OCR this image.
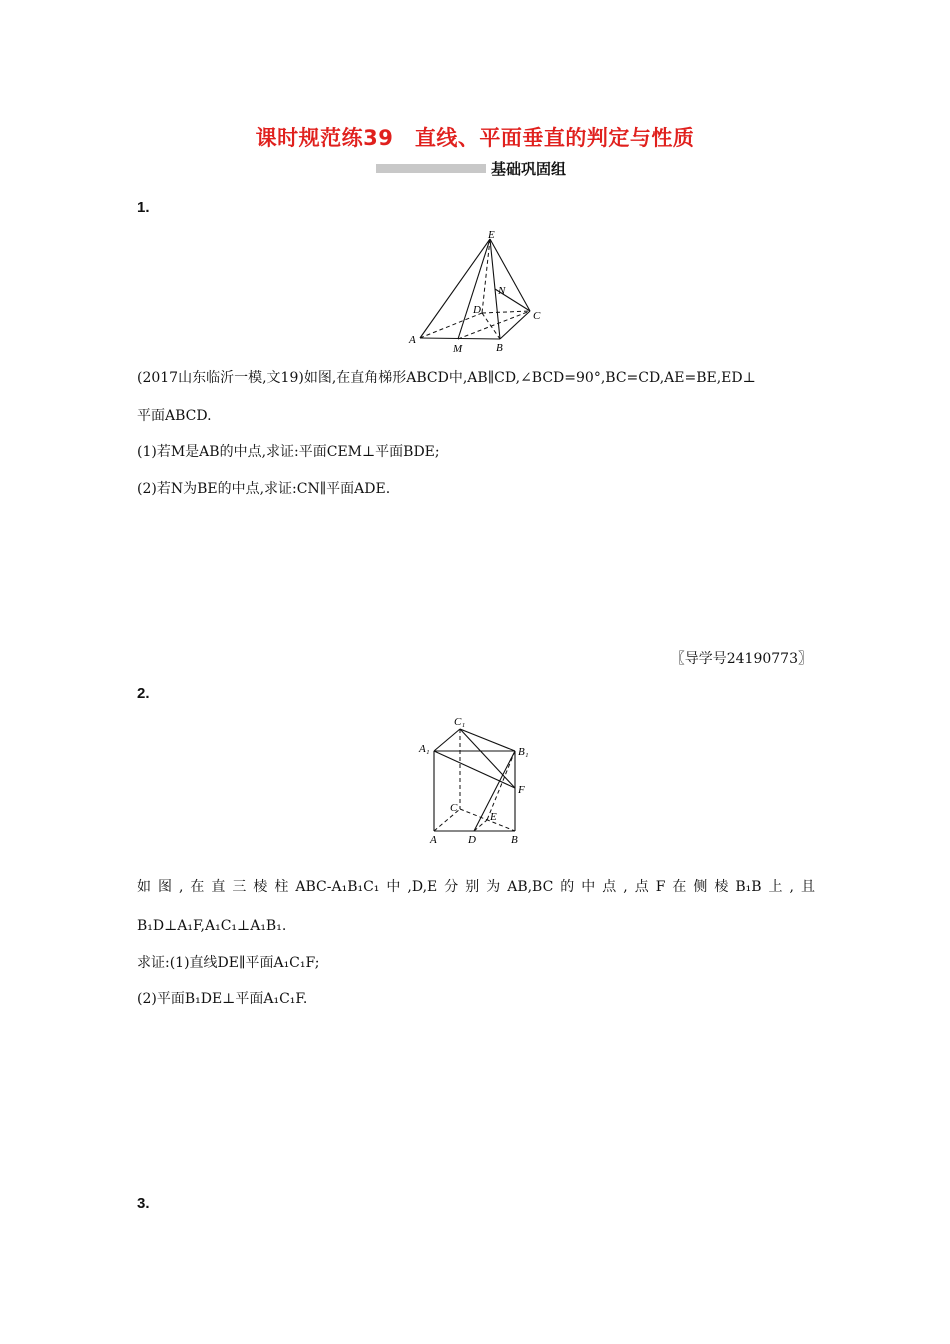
课时规范练39　直线、平面垂直的判定与性质
基础巩固组
1.
E
N
D	C
A
M	B
(2017山东临沂一模,文19)如图,在直角梯形ABCD中,AB∥CD,∠BCD=90°,BC=CD,AE=BE,ED⊥
平面ABCD.
(1)若M是AB的中点,求证:平面CEM⊥平面BDE;
(2)若N为BE的中点,求证:CN∥平面ADE.
〖导学号24190773〗
2.
C₁
A₁	B₁
F
C
E
A	D	B
如图,在直三棱柱ABC-A₁B₁C₁中,D,E分别为AB,BC的中点,点F在侧棱B₁B上,且
B₁D⊥A₁F,A₁C₁⊥A₁B₁.
求证:(1)直线DE∥平面A₁C₁F;
(2)平面B₁DE⊥平面A₁C₁F.
3.
